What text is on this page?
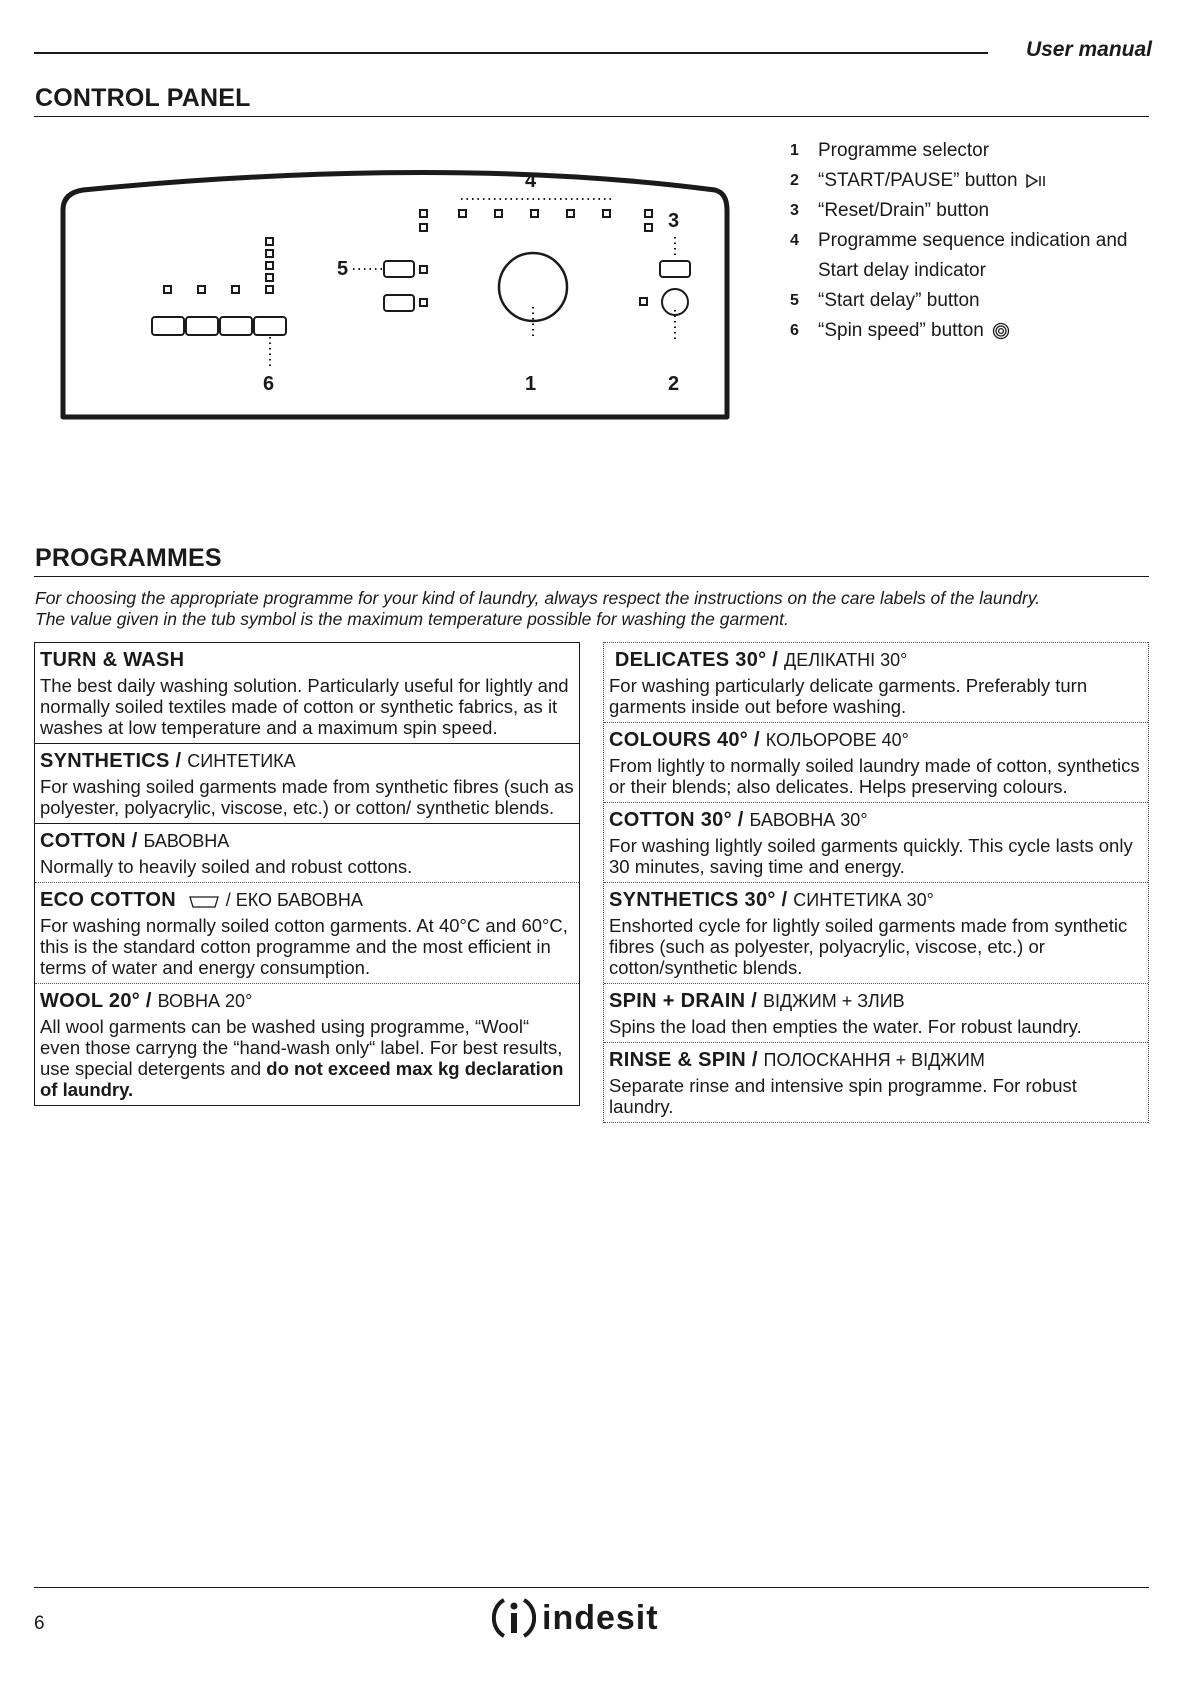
User manual
CONTROL PANEL
6
5
4
1
3
2
1	Programme selector
2	“START/PAUSE” button
3	“Reset/Drain” button
4	Programme sequence indication and
Start delay indicator
5	“Start delay” button
6	“Spin speed” button
PROGRAMMES
For choosing the appropriate programme for your kind of laundry, always respect the instructions on the care labels of the laundry.
The value given in the tub symbol is the maximum temperature possible for washing the garment.
TURN & WASH
The best daily washing solution. Particularly useful for lightly and normally soiled textiles made of cotton or synthetic fabrics, as it washes at low temperature and a maximum spin speed.
SYNTHETICS / СИНТЕТИКА
For washing soiled garments made from synthetic fibres (such as polyester, polyacrylic, viscose, etc.) or cotton/ synthetic blends.
COTTON / БАВОВНА
Normally to heavily soiled and robust cottons.
ECO COTTON	/ ЕКО БАВОВНА
For washing normally soiled cotton garments. At 40°C and 60°C, this is the standard cotton programme and the most efficient in terms of water and energy consumption.
WOOL 20° / ВОВНА 20°
All wool garments can be washed using programme, “Wool“ even those carryng the “hand-wash only“ label. For best results, use special detergents and do not exceed max kg declaration of laundry.
DELICATES 30° / ДЕЛІКАТНІ 30°
For washing particularly delicate garments. Preferably turn garments inside out before washing.
COLOURS 40° / КОЛЬОРОВЕ 40°
From lightly to normally soiled laundry made of cotton, synthetics or their blends; also delicates. Helps preserving colours.
COTTON 30° / БАВОВНА 30°
For washing lightly soiled garments quickly. This cycle lasts only 30 minutes, saving time and energy.
SYNTHETICS 30° / СИНТЕТИКА 30°
Enshorted cycle for lightly soiled garments made from synthetic fibres (such as polyester, polyacrylic, viscose, etc.) or cotton/synthetic blends.
SPIN + DRAIN / ВІДЖИМ + ЗЛИВ
Spins the load then empties the water. For robust laundry.
RINSE & SPIN / ПОЛОСКАННЯ + ВІДЖИМ
Separate rinse and intensive spin programme. For robust laundry.
6	indesit
